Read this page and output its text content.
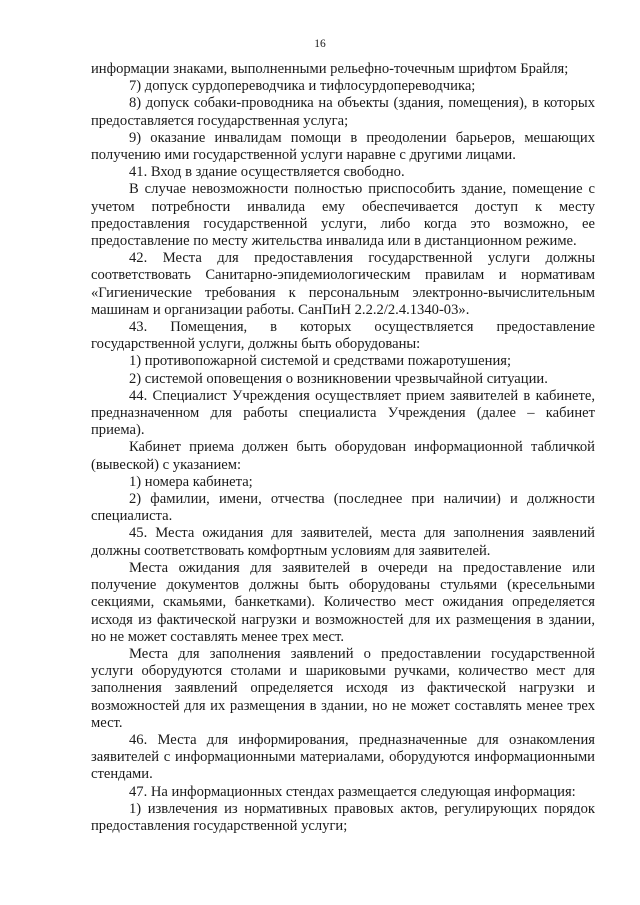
16

информации знаками, выполненными рельефно-точечным шрифтом Брайля;

7) допуск сурдопереводчика и тифлосурдопереводчика;

8) допуск собаки-проводника на объекты (здания, помещения), в которых предоставляется государственная услуга;

9) оказание инвалидам помощи в преодолении барьеров, мешающих получению ими государственной услуги наравне с другими лицами.

41. Вход в здание осуществляется свободно.

В случае невозможности полностью приспособить здание, помещение с учетом потребности инвалида ему обеспечивается доступ к месту предоставления государственной услуги, либо когда это возможно, ее предоставление по месту жительства инвалида или в дистанционном режиме.

42. Места для предоставления государственной услуги должны соответствовать Санитарно-эпидемиологическим правилам и нормативам «Гигиенические требования к персональным электронно-вычислительным машинам и организации работы. СанПиН 2.2.2/2.4.1340-03».

43. Помещения, в которых осуществляется предоставление государственной услуги, должны быть оборудованы:

1) противопожарной системой и средствами пожаротушения;

2) системой оповещения о возникновении чрезвычайной ситуации.

44. Специалист Учреждения осуществляет прием заявителей в кабинете, предназначенном для работы специалиста Учреждения (далее – кабинет приема).

Кабинет приема должен быть оборудован информационной табличкой (вывеской) с указанием:

1) номера кабинета;

2) фамилии, имени, отчества (последнее при наличии) и должности специалиста.

45. Места ожидания для заявителей, места для заполнения заявлений должны соответствовать комфортным условиям для заявителей.

Места ожидания для заявителей в очереди на предоставление или получение документов должны быть оборудованы стульями (кресельными секциями, скамьями, банкетками). Количество мест ожидания определяется исходя из фактической нагрузки и возможностей для их размещения в здании, но не может составлять менее трех мест.

Места для заполнения заявлений о предоставлении государственной услуги оборудуются столами и шариковыми ручками, количество мест для заполнения заявлений определяется исходя из фактической нагрузки и возможностей для их размещения в здании, но не может составлять менее трех мест.

46. Места для информирования, предназначенные для ознакомления заявителей с информационными материалами, оборудуются информационными стендами.

47. На информационных стендах размещается следующая информация:

1) извлечения из нормативных правовых актов, регулирующих порядок предоставления государственной услуги;
